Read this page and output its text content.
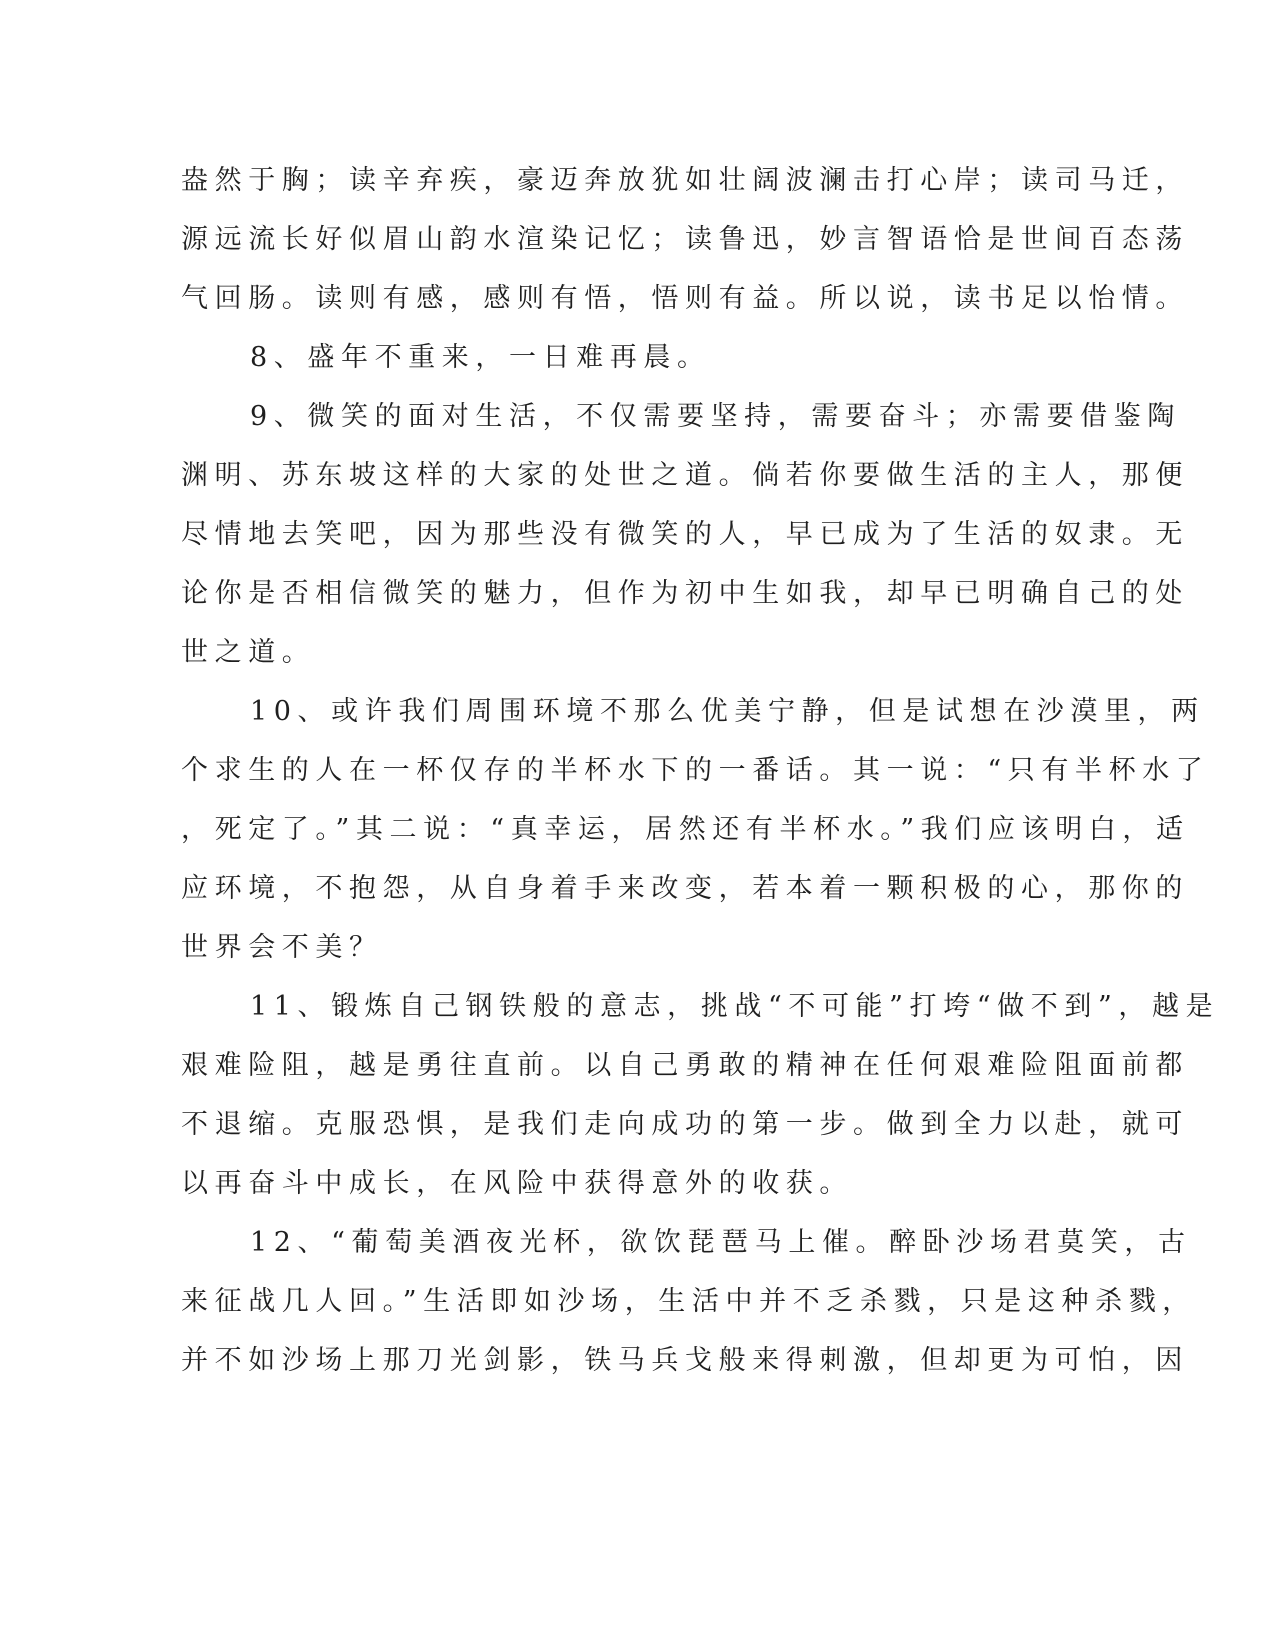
盎然于胸；读辛弃疾，豪迈奔放犹如壮阔波澜击打心岸；读司马迁，

源远流长好似眉山韵水渲染记忆；读鲁迅，妙言智语恰是世间百态荡

气回肠。读则有感，感则有悟，悟则有益。所以说，读书足以怡情。

8、盛年不重来，一日难再晨。

9、微笑的面对生活，不仅需要坚持，需要奋斗；亦需要借鉴陶

渊明、苏东坡这样的大家的处世之道。倘若你要做生活的主人，那便

尽情地去笑吧，因为那些没有微笑的人，早已成为了生活的奴隶。无

论你是否相信微笑的魅力，但作为初中生如我，却早已明确自己的处

世之道。

10、或许我们周围环境不那么优美宁静，但是试想在沙漠里，两

个求生的人在一杯仅存的半杯水下的一番话。其一说：“只有半杯水了

，死定了。”其二说：“真幸运，居然还有半杯水。”我们应该明白，适

应环境，不抱怨，从自身着手来改变，若本着一颗积极的心，那你的

世界会不美？

11、锻炼自己钢铁般的意志，挑战“不可能”打垮“做不到”，越是

艰难险阻，越是勇往直前。以自己勇敢的精神在任何艰难险阻面前都

不退缩。克服恐惧，是我们走向成功的第一步。做到全力以赴，就可

以再奋斗中成长，在风险中获得意外的收获。

12、“葡萄美酒夜光杯，欲饮琵琶马上催。醉卧沙场君莫笑，古

来征战几人回。”生活即如沙场，生活中并不乏杀戮，只是这种杀戮，

并不如沙场上那刀光剑影，铁马兵戈般来得刺激，但却更为可怕，因
